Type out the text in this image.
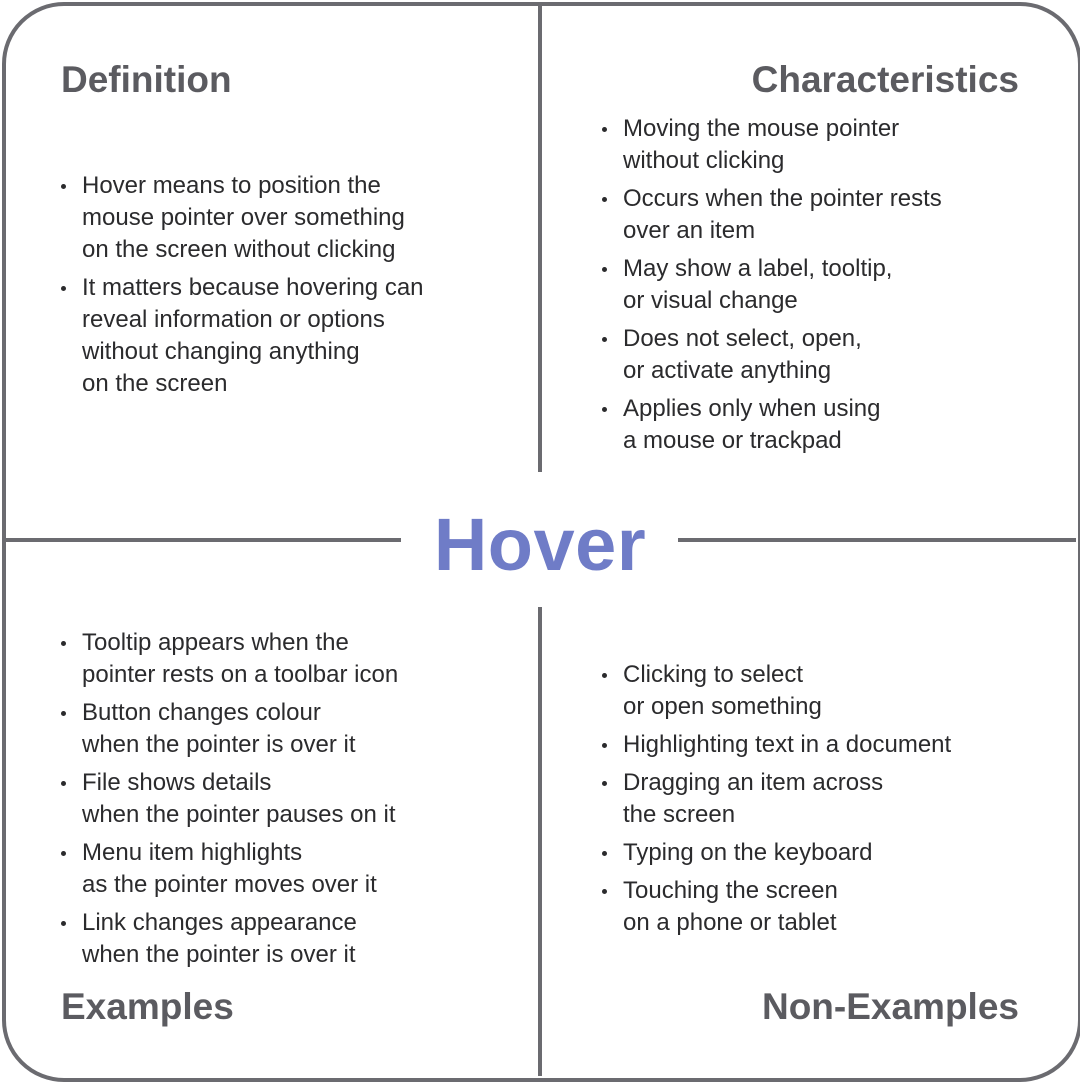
Hover
Definition
Hover means to position the
mouse pointer over something
on the screen without clicking
It matters because hovering can
reveal information or options
without changing anything
on the screen
Characteristics
Moving the mouse pointer
without clicking
Occurs when the pointer rests
over an item
May show a label, tooltip,
or visual change
Does not select, open,
or activate anything
Applies only when using
a mouse or trackpad
Tooltip appears when the
pointer rests on a toolbar icon
Button changes colour
when the pointer is over it
File shows details
when the pointer pauses on it
Menu item highlights
as the pointer moves over it
Link changes appearance
when the pointer is over it
Examples
Clicking to select
or open something
Highlighting text in a document
Dragging an item across
the screen
Typing on the keyboard
Touching the screen
on a phone or tablet
Non-Examples
